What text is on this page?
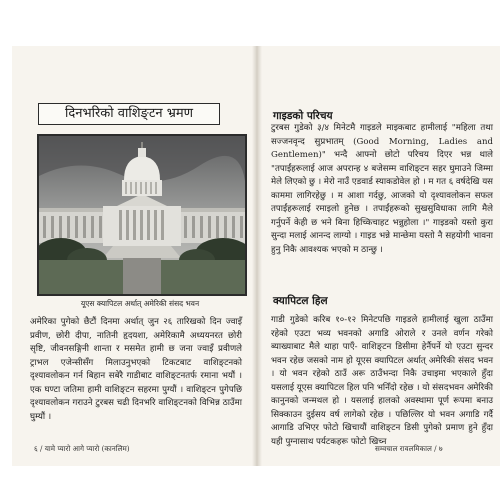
दिनभरिको वाशिङ्टन भ्रमण
यूएस क्यापिटल अर्थात् अमेरिकी संसद भवन

अमेरिका पुगेको छैटौं दिनमा अर्थात् जुन २६ तारिखको दिन ज्वाइँ प्रवीण, छोरी दीपा, नातिनी हृदयशा, अमेरिकामै अध्ययनरत छोरी सृष्टि, जीवनसङ्गिनी शान्ता र मसमेत हामी छ जना ज्वाइँ प्रवीणले ट्राभल एजेन्सीसँग मिलाउनुभएको टिकटबाट वाशिङ्टनको दृश्यावलोकन गर्न बिहान सबेरै गाडीबाट वाशिङ्टनतर्फ रमाना भयौं । एक घण्टा जतिमा हामी वाशिङ्टन सहरमा पुग्यौं । वाशिङ्टन पुगेपछि दृश्यावलोकन गराउने टुरबस चढी दिनभरि वाशिङ्टनको विभिन्न ठाउँमा घुम्यौं ।

६ / यामे प्यारो आगे प्यारो (कानलिम)
गाइडको परिचय

टुरबस गुडेको ३/४ मिनेटमै गाइडले माइकबाट हामीलाई "महिला तथा सज्जनवृन्द सुप्रभातम् (Good Morning, Ladies and Gentlemen)" भन्दै आफ्नो छोटो परिचय दिएर भन्न थाले "तपाईंहरूलाई आज अपरान्ह ४ बजेसम्म वाशिङ्टन सहर घुमाउने जिम्मा मेले लिएको छु । मेरो नाउँ एडवार्ड स्याकडोवेल हो । म गत ६ वर्षदेखि यस काममा लागिरहेछु । म आशा गर्दछु, आजको यो दृश्यावलोकन सफल तपाईंहरूलाई रमाइलो हुनेछ । तपाईंहरूको सुखसुविधाका लागि मैले गर्नुपर्ने केही छ भने बिना हिच्किचाहट भन्नुहोला ।" गाइडको यस्तो कुरा सुन्दा मलाई आनन्द लाग्यो । गाइड भन्ने मान्छेमा यस्तो नै सहयोगी भावना हुनु निकै आवश्यक भएको म ठान्छु ।

क्यापिटल हिल

गाडी गुडेको करिब १०-१२ मिनेटपछि गाइडले हामीलाई खुला ठाउँमा रहेको एउटा भव्य भवनको अगाडि ओराले र उनले वर्णन गरेको ब्याख्याबाट मैले थाहा पाएँ- वाशिङ्टन डिसीमा हेर्नैपर्ने यो एउटा सुन्दर भवन रहेछ जसको नाम हो यूएस क्यापिटल अर्थात् अमेरिकी संसद भवन । यो भवन रहेको ठाउँ अरू ठाउँभन्दा निकै उचाइमा भएकाले हुँदा यसलाई यूएस क्यापिटल हिल पनि भनिँदो रहेछ । यो संसदभवन अमेरिकी कानुनको जन्मथल हो । यसलाई हालको अवस्थामा पूर्ण रूपमा बनाउ सिक्काउन दुईसय वर्ष लागेको रहेछ । पछिल्लिर यो भवन अगाडि गर्दै आगाडि उभिएर फोटो खिचायौं वाशिङ्टन डिसी पुगेको प्रमाण हुने हुँदा यही पुग्नासाथ पर्यटकहरू फोटो खिच्न

सम्वचाल रावलमिकाल / ७
